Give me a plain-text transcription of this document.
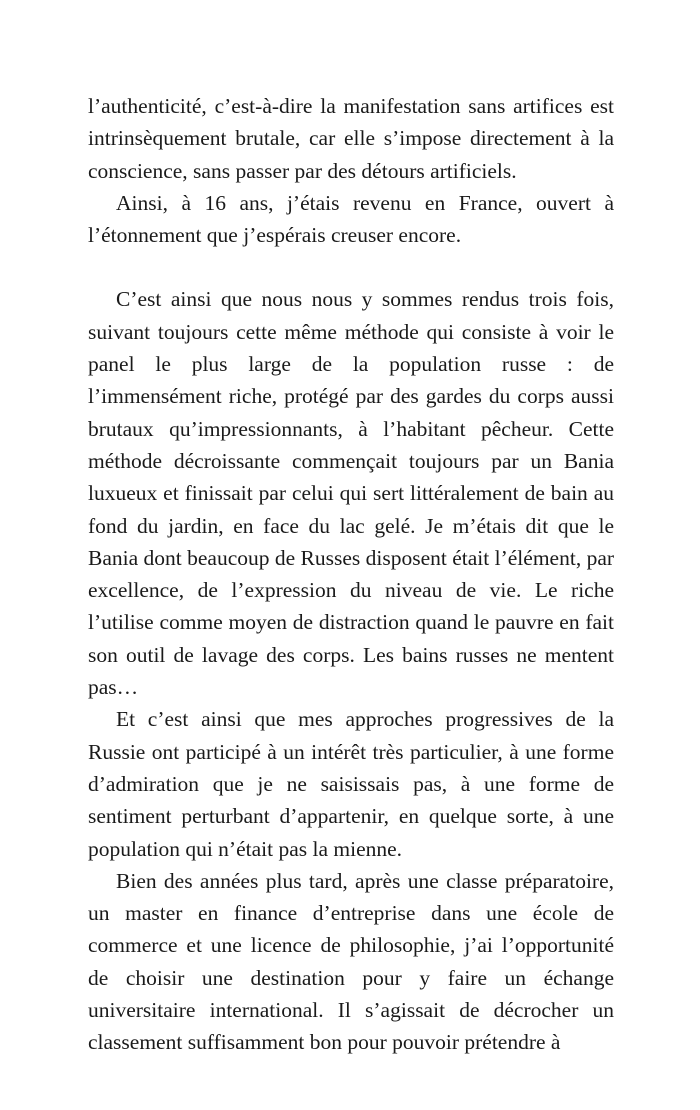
l’authenticité, c’est-à-dire la manifestation sans artifices est intrinsèquement brutale, car elle s’impose directement à la conscience, sans passer par des détours artificiels.

Ainsi, à 16 ans, j’étais revenu en France, ouvert à l’étonnement que j’espérais creuser encore.

C’est ainsi que nous nous y sommes rendus trois fois, suivant toujours cette même méthode qui consiste à voir le panel le plus large de la population russe : de l’immensément riche, protégé par des gardes du corps aussi brutaux qu’impressionnants, à l’habitant pêcheur. Cette méthode décroissante commençait toujours par un Bania luxueux et finissait par celui qui sert littéralement de bain au fond du jardin, en face du lac gelé. Je m’étais dit que le Bania dont beaucoup de Russes disposent était l’élément, par excellence, de l’expression du niveau de vie. Le riche l’utilise comme moyen de distraction quand le pauvre en fait son outil de lavage des corps. Les bains russes ne mentent pas…

Et c’est ainsi que mes approches progressives de la Russie ont participé à un intérêt très particulier, à une forme d’admiration que je ne saisissais pas, à une forme de sentiment perturbant d’appartenir, en quelque sorte, à une population qui n’était pas la mienne.

Bien des années plus tard, après une classe préparatoire, un master en finance d’entreprise dans une école de commerce et une licence de philosophie, j’ai l’opportunité de choisir une destination pour y faire un échange universitaire international. Il s’agissait de décrocher un classement suffisamment bon pour pouvoir prétendre à
